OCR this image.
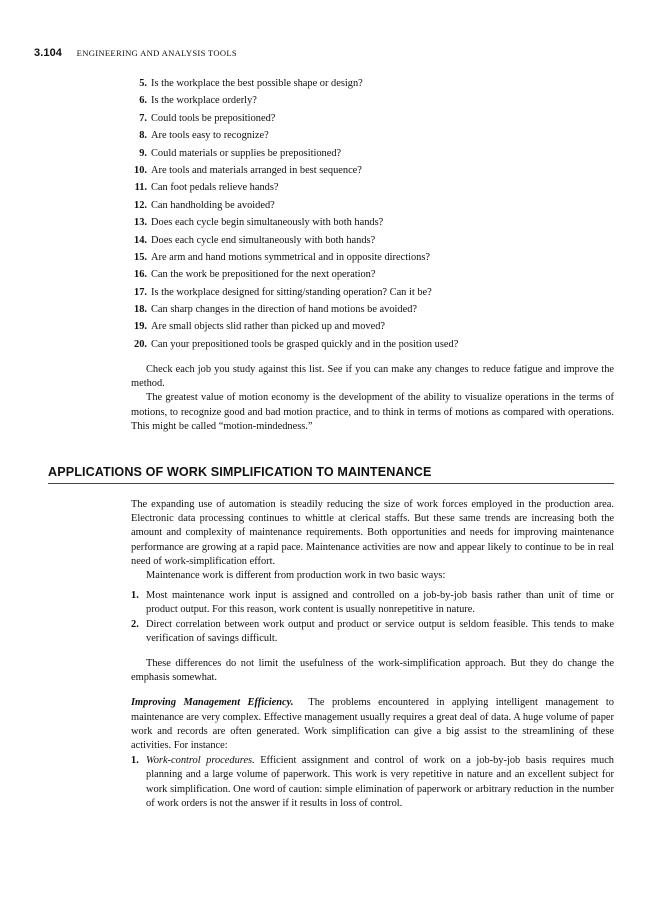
3.104 ENGINEERING AND ANALYSIS TOOLS
5. Is the workplace the best possible shape or design?
6. Is the workplace orderly?
7. Could tools be prepositioned?
8. Are tools easy to recognize?
9. Could materials or supplies be prepositioned?
10. Are tools and materials arranged in best sequence?
11. Can foot pedals relieve hands?
12. Can handholding be avoided?
13. Does each cycle begin simultaneously with both hands?
14. Does each cycle end simultaneously with both hands?
15. Are arm and hand motions symmetrical and in opposite directions?
16. Can the work be prepositioned for the next operation?
17. Is the workplace designed for sitting/standing operation? Can it be?
18. Can sharp changes in the direction of hand motions be avoided?
19. Are small objects slid rather than picked up and moved?
20. Can your prepositioned tools be grasped quickly and in the position used?

Check each job you study against this list. See if you can make any changes to reduce fatigue and improve the method.

The greatest value of motion economy is the development of the ability to visualize operations in the terms of motions, to recognize good and bad motion practice, and to think in terms of motions as compared with operations. This might be called “motion-mindedness.”

APPLICATIONS OF WORK SIMPLIFICATION TO MAINTENANCE

The expanding use of automation is steadily reducing the size of work forces employed in the production area. Electronic data processing continues to whittle at clerical staffs. But these same trends are increasing both the amount and complexity of maintenance requirements. Both opportunities and needs for improving maintenance performance are growing at a rapid pace. Maintenance activities are now and appear likely to continue to be in real need of work-simplification effort.

Maintenance work is different from production work in two basic ways:

1. Most maintenance work input is assigned and controlled on a job-by-job basis rather than unit of time or product output. For this reason, work content is usually nonrepetitive in nature.
2. Direct correlation between work output and product or service output is seldom feasible. This tends to make verification of savings difficult.

These differences do not limit the usefulness of the work-simplification approach. But they do change the emphasis somewhat.

Improving Management Efficiency. The problems encountered in applying intelligent management to maintenance are very complex. Effective management usually requires a great deal of data. A huge volume of paper work and records are often generated. Work simplification can give a big assist to the streamlining of these activities. For instance:

1. Work-control procedures. Efficient assignment and control of work on a job-by-job basis requires much planning and a large volume of paperwork. This work is very repetitive in nature and an excellent subject for work simplification. One word of caution: simple elimination of paperwork or arbitrary reduction in the number of work orders is not the answer if it results in loss of control.
